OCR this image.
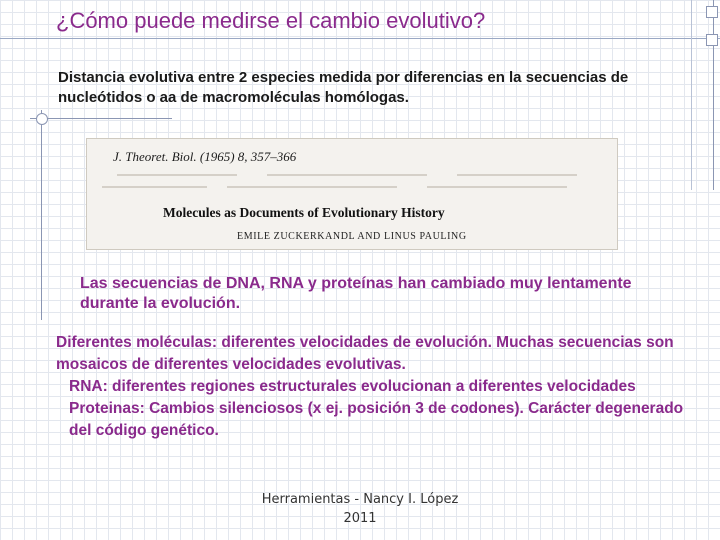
¿Cómo puede medirse el cambio evolutivo?
Distancia evolutiva entre 2 especies medida por diferencias en la secuencias de nucleótidos o aa de macromoléculas homólogas.
J. Theoret. Biol. (1965) 8, 357–366
Molecules as Documents of Evolutionary History
EMILE ZUCKERKANDL AND LINUS PAULING
Las secuencias de DNA, RNA y proteínas han cambiado muy lentamente durante la evolución.
Diferentes moléculas: diferentes velocidades de evolución. Muchas secuencias son mosaicos de diferentes velocidades evolutivas.
RNA: diferentes regiones estructurales evolucionan a diferentes velocidades
Proteinas: Cambios silenciosos (x ej. posición 3 de codones). Carácter degenerado del código genético.
Herramientas - Nancy I. López
2011
